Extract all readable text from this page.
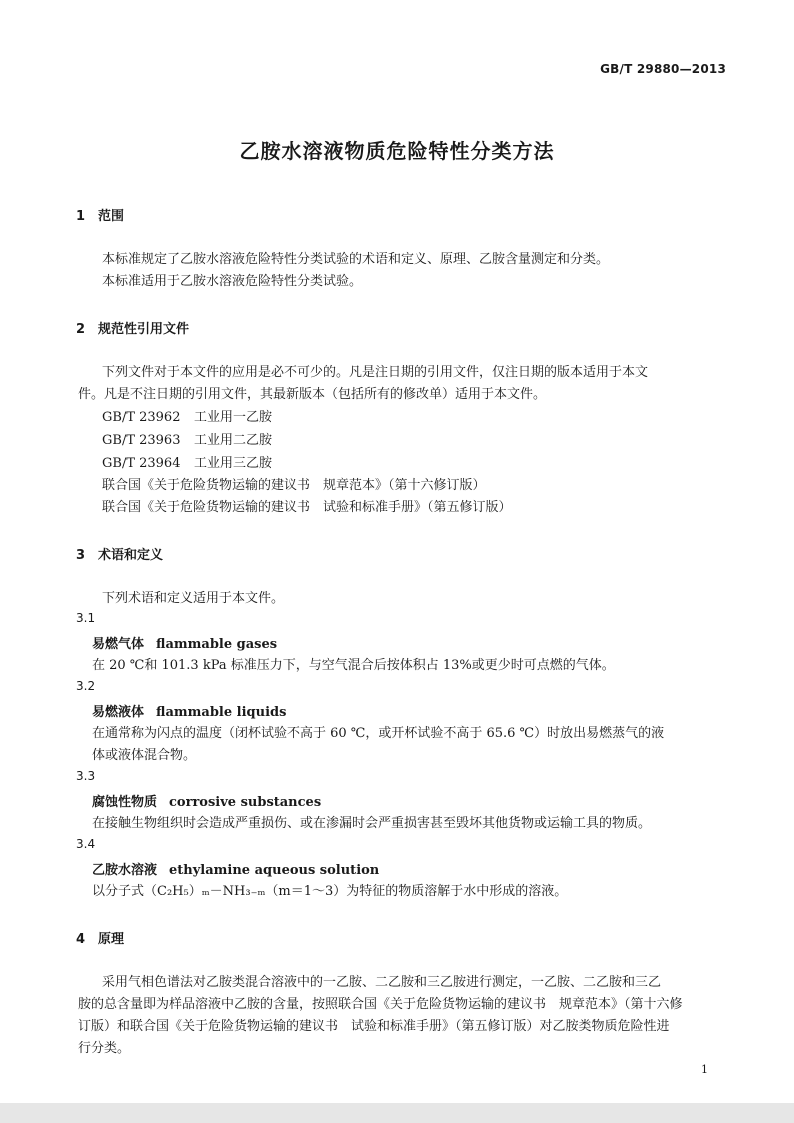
GB/T 29880—2013
乙胺水溶液物质危险特性分类方法
1 范围
本标准规定了乙胺水溶液危险特性分类试验的术语和定义、原理、乙胺含量测定和分类。
本标准适用于乙胺水溶液危险特性分类试验。
2 规范性引用文件
下列文件对于本文件的应用是必不可少的。凡是注日期的引用文件，仅注日期的版本适用于本文
件。凡是不注日期的引用文件，其最新版本（包括所有的修改单）适用于本文件。
GB/T 23962 工业用一乙胺
GB/T 23963 工业用二乙胺
GB/T 23964 工业用三乙胺
联合国《关于危险货物运输的建议书　规章范本》（第十六修订版）
联合国《关于危险货物运输的建议书　试验和标准手册》（第五修订版）
3 术语和定义
下列术语和定义适用于本文件。
3.1
易燃气体 flammable gases
在 20 ℃和 101.3 kPa 标准压力下，与空气混合后按体积占 13%或更少时可点燃的气体。
3.2
易燃液体 flammable liquids
在通常称为闪点的温度（闭杯试验不高于 60 ℃，或开杯试验不高于 65.6 ℃）时放出易燃蒸气的液
体或液体混合物。
3.3
腐蚀性物质 corrosive substances
在接触生物组织时会造成严重损伤、或在渗漏时会严重损害甚至毁坏其他货物或运输工具的物质。
3.4
乙胺水溶液 ethylamine aqueous solution
以分子式（C₂H₅）ₘ－NH₃₋ₘ（m＝1～3）为特征的物质溶解于水中形成的溶液。
4 原理
采用气相色谱法对乙胺类混合溶液中的一乙胺、二乙胺和三乙胺进行测定，一乙胺、二乙胺和三乙
胺的总含量即为样品溶液中乙胺的含量，按照联合国《关于危险货物运输的建议书　规章范本》（第十六修
订版）和联合国《关于危险货物运输的建议书　试验和标准手册》（第五修订版）对乙胺类物质危险性进
行分类。
1
